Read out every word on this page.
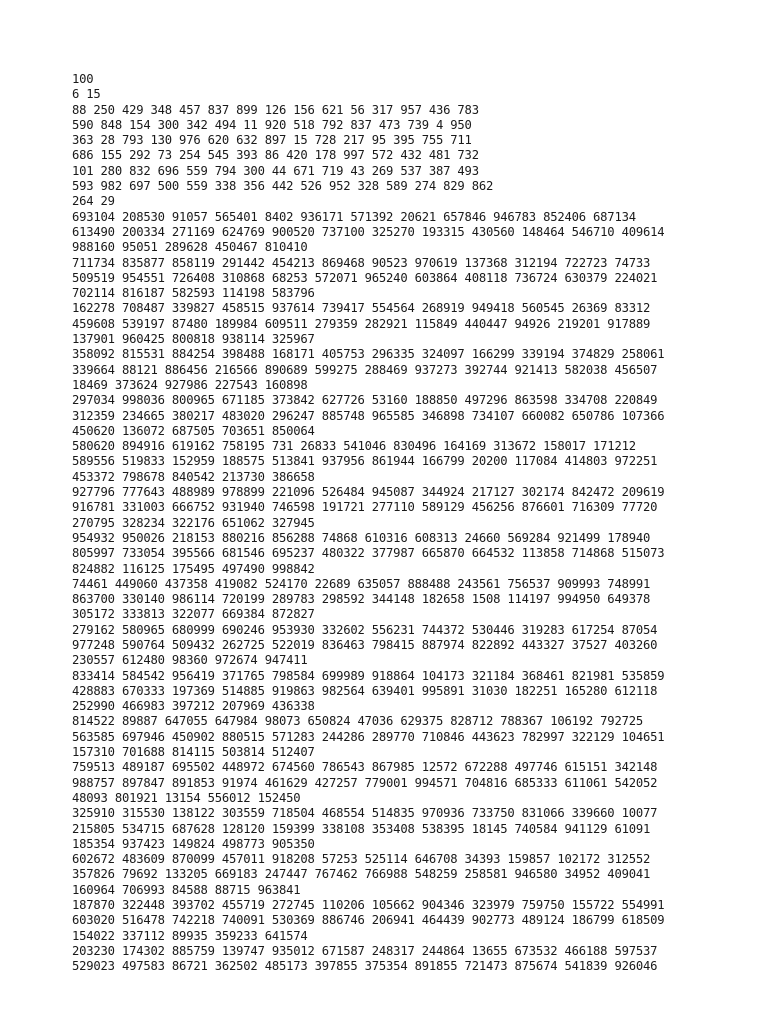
100
6 15
88 250 429 348 457 837 899 126 156 621 56 317 957 436 783
590 848 154 300 342 494 11 920 518 792 837 473 739 4 950
363 28 793 130 976 620 632 897 15 728 217 95 395 755 711
686 155 292 73 254 545 393 86 420 178 997 572 432 481 732
101 280 832 696 559 794 300 44 671 719 43 269 537 387 493
593 982 697 500 559 338 356 442 526 952 328 589 274 829 862
264 29
693104 208530 91057 565401 8402 936171 571392 20621 657846 946783 852406 687134
613490 200334 271169 624769 900520 737100 325270 193315 430560 148464 546710 409614
988160 95051 289628 450467 810410
711734 835877 858119 291442 454213 869468 90523 970619 137368 312194 722723 74733
509519 954551 726408 310868 68253 572071 965240 603864 408118 736724 630379 224021
702114 816187 582593 114198 583796
162278 708487 339827 458515 937614 739417 554564 268919 949418 560545 26369 83312
459608 539197 87480 189984 609511 279359 282921 115849 440447 94926 219201 917889
137901 960425 800818 938114 325967
358092 815531 884254 398488 168171 405753 296335 324097 166299 339194 374829 258061
339664 88121 886456 216566 890689 599275 288469 937273 392744 921413 582038 456507
18469 373624 927986 227543 160898
297034 998036 800965 671185 373842 627726 53160 188850 497296 863598 334708 220849
312359 234665 380217 483020 296247 885748 965585 346898 734107 660082 650786 107366
450620 136072 687505 703651 850064
580620 894916 619162 758195 731 26833 541046 830496 164169 313672 158017 171212
589556 519833 152959 188575 513841 937956 861944 166799 20200 117084 414803 972251
453372 798678 840542 213730 386658
927796 777643 488989 978899 221096 526484 945087 344924 217127 302174 842472 209619
916781 331003 666752 931940 746598 191721 277110 589129 456256 876601 716309 77720
270795 328234 322176 651062 327945
954932 950026 218153 880216 856288 74868 610316 608313 24660 569284 921499 178940
805997 733054 395566 681546 695237 480322 377987 665870 664532 113858 714868 515073
824882 116125 175495 497490 998842
74461 449060 437358 419082 524170 22689 635057 888488 243561 756537 909993 748991
863700 330140 986114 720199 289783 298592 344148 182658 1508 114197 994950 649378
305172 333813 322077 669384 872827
279162 580965 680999 690246 953930 332602 556231 744372 530446 319283 617254 87054
977248 590764 509432 262725 522019 836463 798415 887974 822892 443327 37527 403260
230557 612480 98360 972674 947411
833414 584542 956419 371765 798584 699989 918864 104173 321184 368461 821981 535859
428883 670333 197369 514885 919863 982564 639401 995891 31030 182251 165280 612118
252990 466983 397212 207969 436338
814522 89887 647055 647984 98073 650824 47036 629375 828712 788367 106192 792725
563585 697946 450902 880515 571283 244286 289770 710846 443623 782997 322129 104651
157310 701688 814115 503814 512407
759513 489187 695502 448972 674560 786543 867985 12572 672288 497746 615151 342148
988757 897847 891853 91974 461629 427257 779001 994571 704816 685333 611061 542052
48093 801921 13154 556012 152450
325910 315530 138122 303559 718504 468554 514835 970936 733750 831066 339660 10077
215805 534715 687628 128120 159399 338108 353408 538395 18145 740584 941129 61091
185354 937423 149824 498773 905350
602672 483609 870099 457011 918208 57253 525114 646708 34393 159857 102172 312552
357826 79692 133205 669183 247447 767462 766988 548259 258581 946580 34952 409041
160964 706993 84588 88715 963841
187870 322448 393702 455719 272745 110206 105662 904346 323979 759750 155722 554991
603020 516478 742218 740091 530369 886746 206941 464439 902773 489124 186799 618509
154022 337112 89935 359233 641574
203230 174302 885759 139747 935012 671587 248317 244864 13655 673532 466188 597537
529023 497583 86721 362502 485173 397855 375354 891855 721473 875674 541839 926046
